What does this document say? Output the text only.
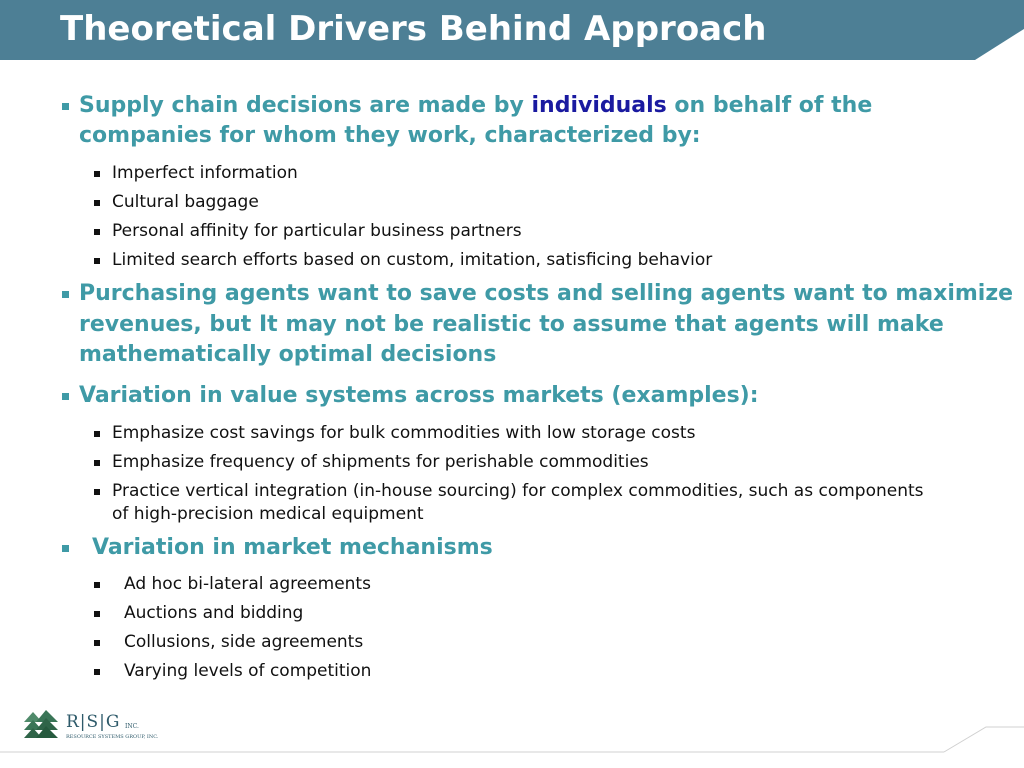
Theoretical Drivers Behind Approach
Supply chain decisions are made by individuals on behalf of the
companies for whom they work, characterized by:
Imperfect information
Cultural baggage
Personal affinity for particular business partners
Limited search efforts based on custom, imitation, satisficing behavior
Purchasing agents want to save costs and selling agents want to maximize
revenues, but It may not be realistic to assume that agents will make
mathematically optimal decisions
Variation in value systems across markets (examples):
Emphasize cost savings for bulk commodities with low storage costs
Emphasize frequency of shipments for perishable commodities
Practice vertical integration (in-house sourcing) for complex commodities, such as components
of high-precision medical equipment
Variation in market mechanisms
Ad hoc bi-lateral agreements
Auctions and bidding
Collusions, side agreements
Varying levels of competition
R|S|G INC.
RESOURCE SYSTEMS GROUP, INC.
